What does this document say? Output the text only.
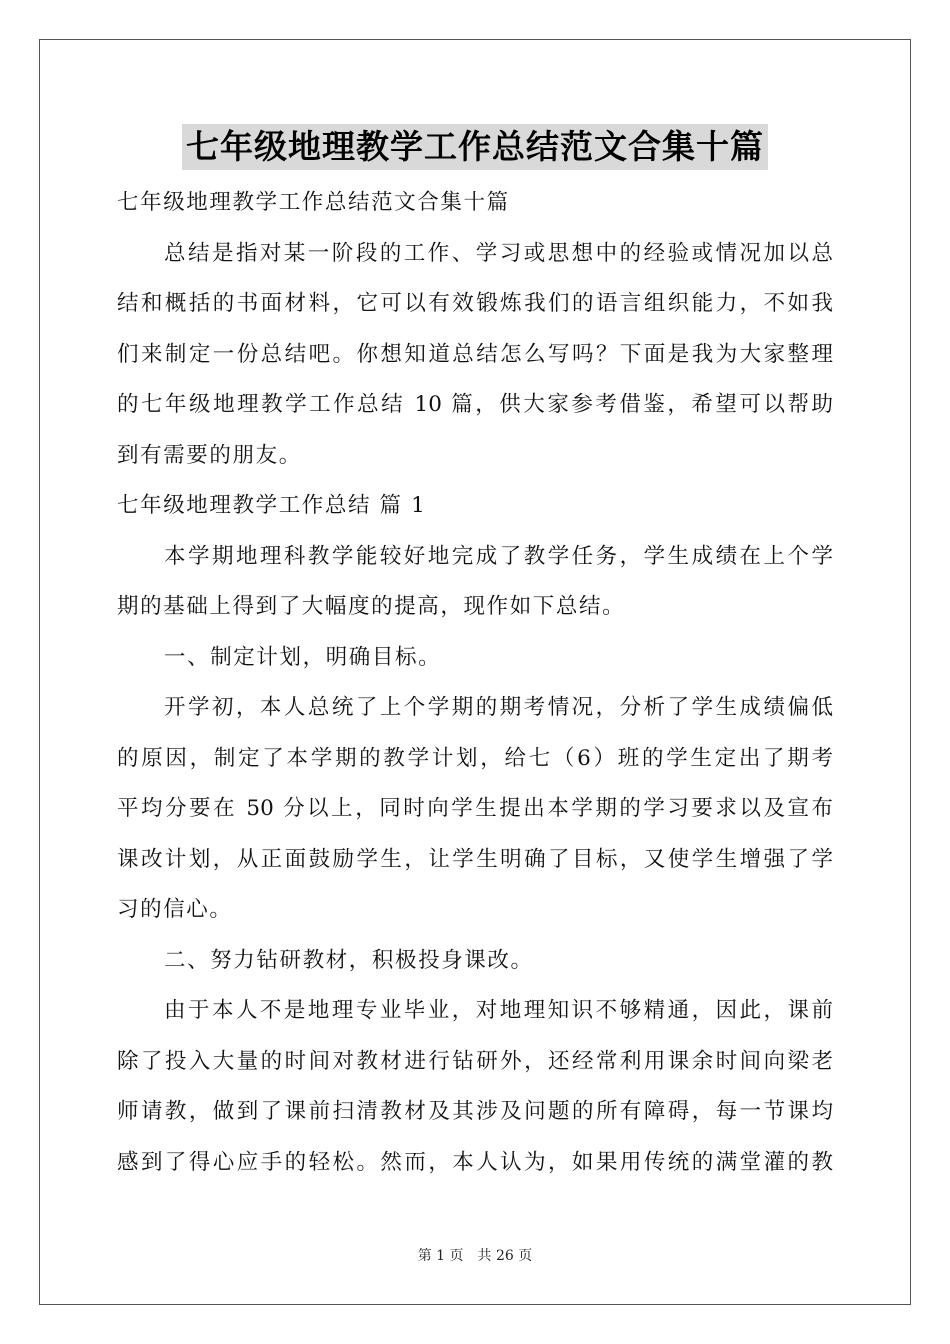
七年级地理教学工作总结范文合集十篇
七年级地理教学工作总结范文合集十篇
总结是指对某一阶段的工作、学习或思想中的经验或情况加以总
结和概括的书面材料，它可以有效锻炼我们的语言组织能力，不如我
们来制定一份总结吧。你想知道总结怎么写吗？下面是我为大家整理
的七年级地理教学工作总结 10 篇，供大家参考借鉴，希望可以帮助
到有需要的朋友。
七年级地理教学工作总结 篇 1
本学期地理科教学能较好地完成了教学任务，学生成绩在上个学
期的基础上得到了大幅度的提高，现作如下总结。
一、制定计划，明确目标。
开学初，本人总统了上个学期的期考情况，分析了学生成绩偏低
的原因，制定了本学期的教学计划，给七（6）班的学生定出了期考
平均分要在 50 分以上，同时向学生提出本学期的学习要求以及宣布
课改计划，从正面鼓励学生，让学生明确了目标，又使学生增强了学
习的信心。
二、努力钻研教材，积极投身课改。
由于本人不是地理专业毕业，对地理知识不够精通，因此，课前
除了投入大量的时间对教材进行钻研外，还经常利用课余时间向梁老
师请教，做到了课前扫清教材及其涉及问题的所有障碍，每一节课均
感到了得心应手的轻松。然而，本人认为，如果用传统的满堂灌的教
第 1 页 共 26 页
